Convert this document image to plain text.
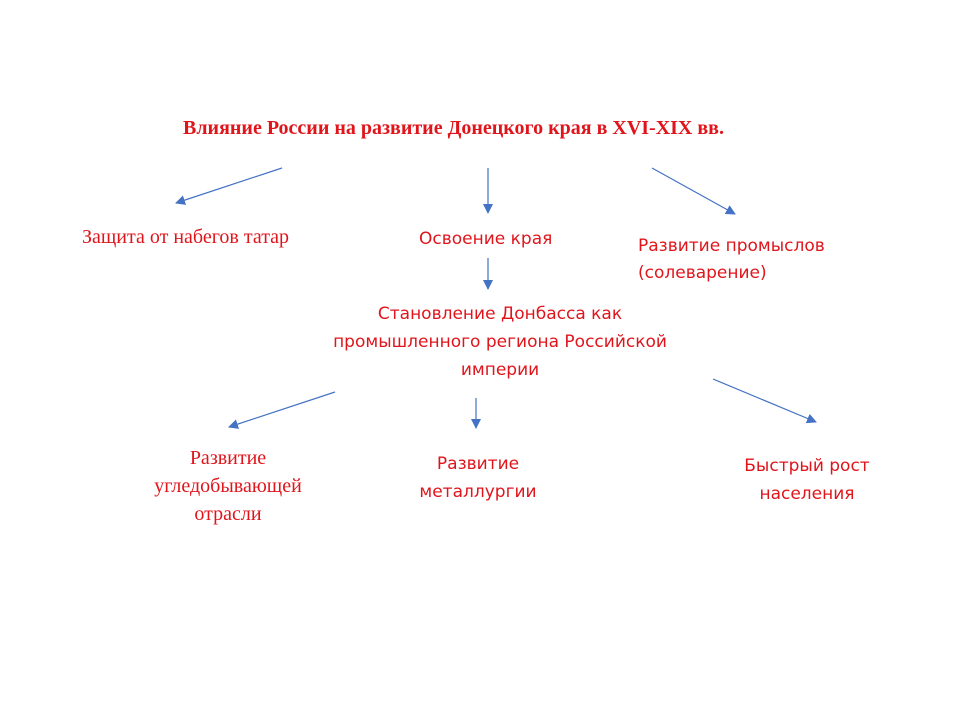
Влияние России на развитие Донецкого края в XVI-XIX вв.
Защита от набегов татар	Освоение края	Развитие промыслов
(солеварение)
Становление Донбасса как
промышленного региона Российской
империи
Развитие
угледобывающей
отрасли
Развитие
металлургии
Быстрый рост
населения
